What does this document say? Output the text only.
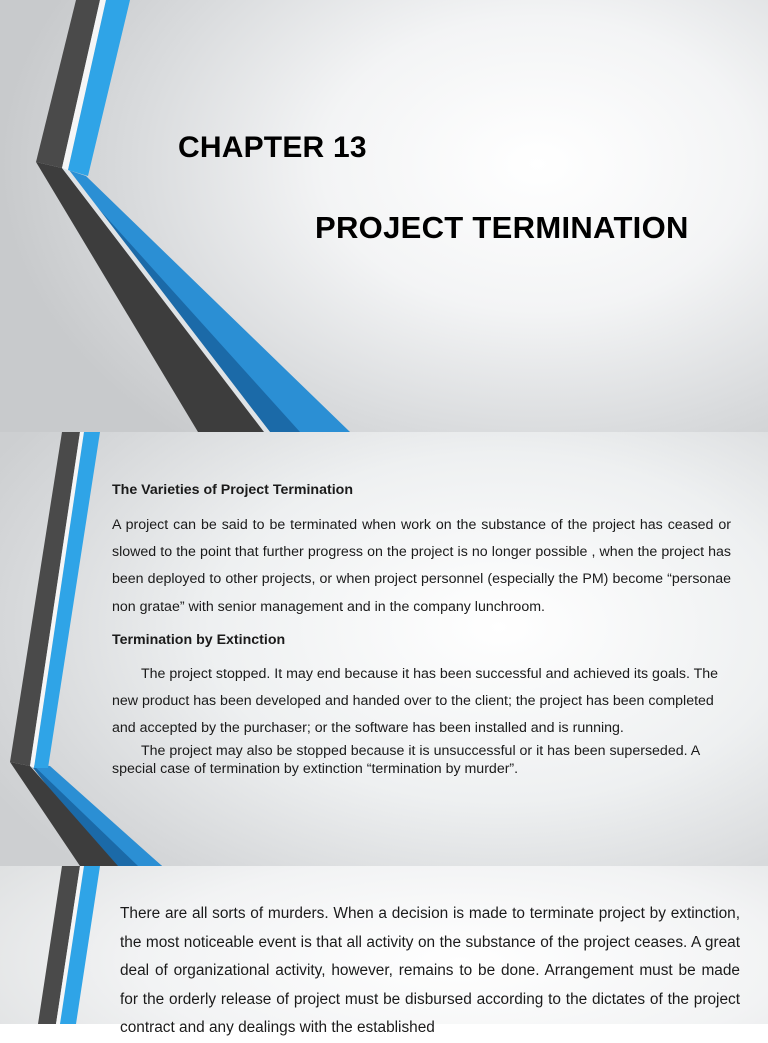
CHAPTER 13
PROJECT TERMINATION
The Varieties of Project Termination
A project can be said to be terminated when work on the substance of the project has ceased or slowed to the point that further progress on the project is no longer possible , when the project has been deployed to other projects, or when project personnel (especially the PM) become “personae non gratae” with senior management and in the company lunchroom.
Termination by Extinction
The project stopped. It may end because it has been successful and achieved its goals. The new product has been developed and handed over to the client; the project has been completed and accepted by the purchaser; or the software has been installed and is running.
The project may also be stopped because it is unsuccessful or it has been superseded. A special case of termination by extinction “termination by murder”.
There are all sorts of murders. When a decision is made to terminate project by extinction, the most noticeable event is that all activity on the substance of the project ceases. A great deal of organizational activity, however, remains to be done. Arrangement must be made for the orderly release of project must be disbursed according to the dictates of the project contract and any dealings with the established
